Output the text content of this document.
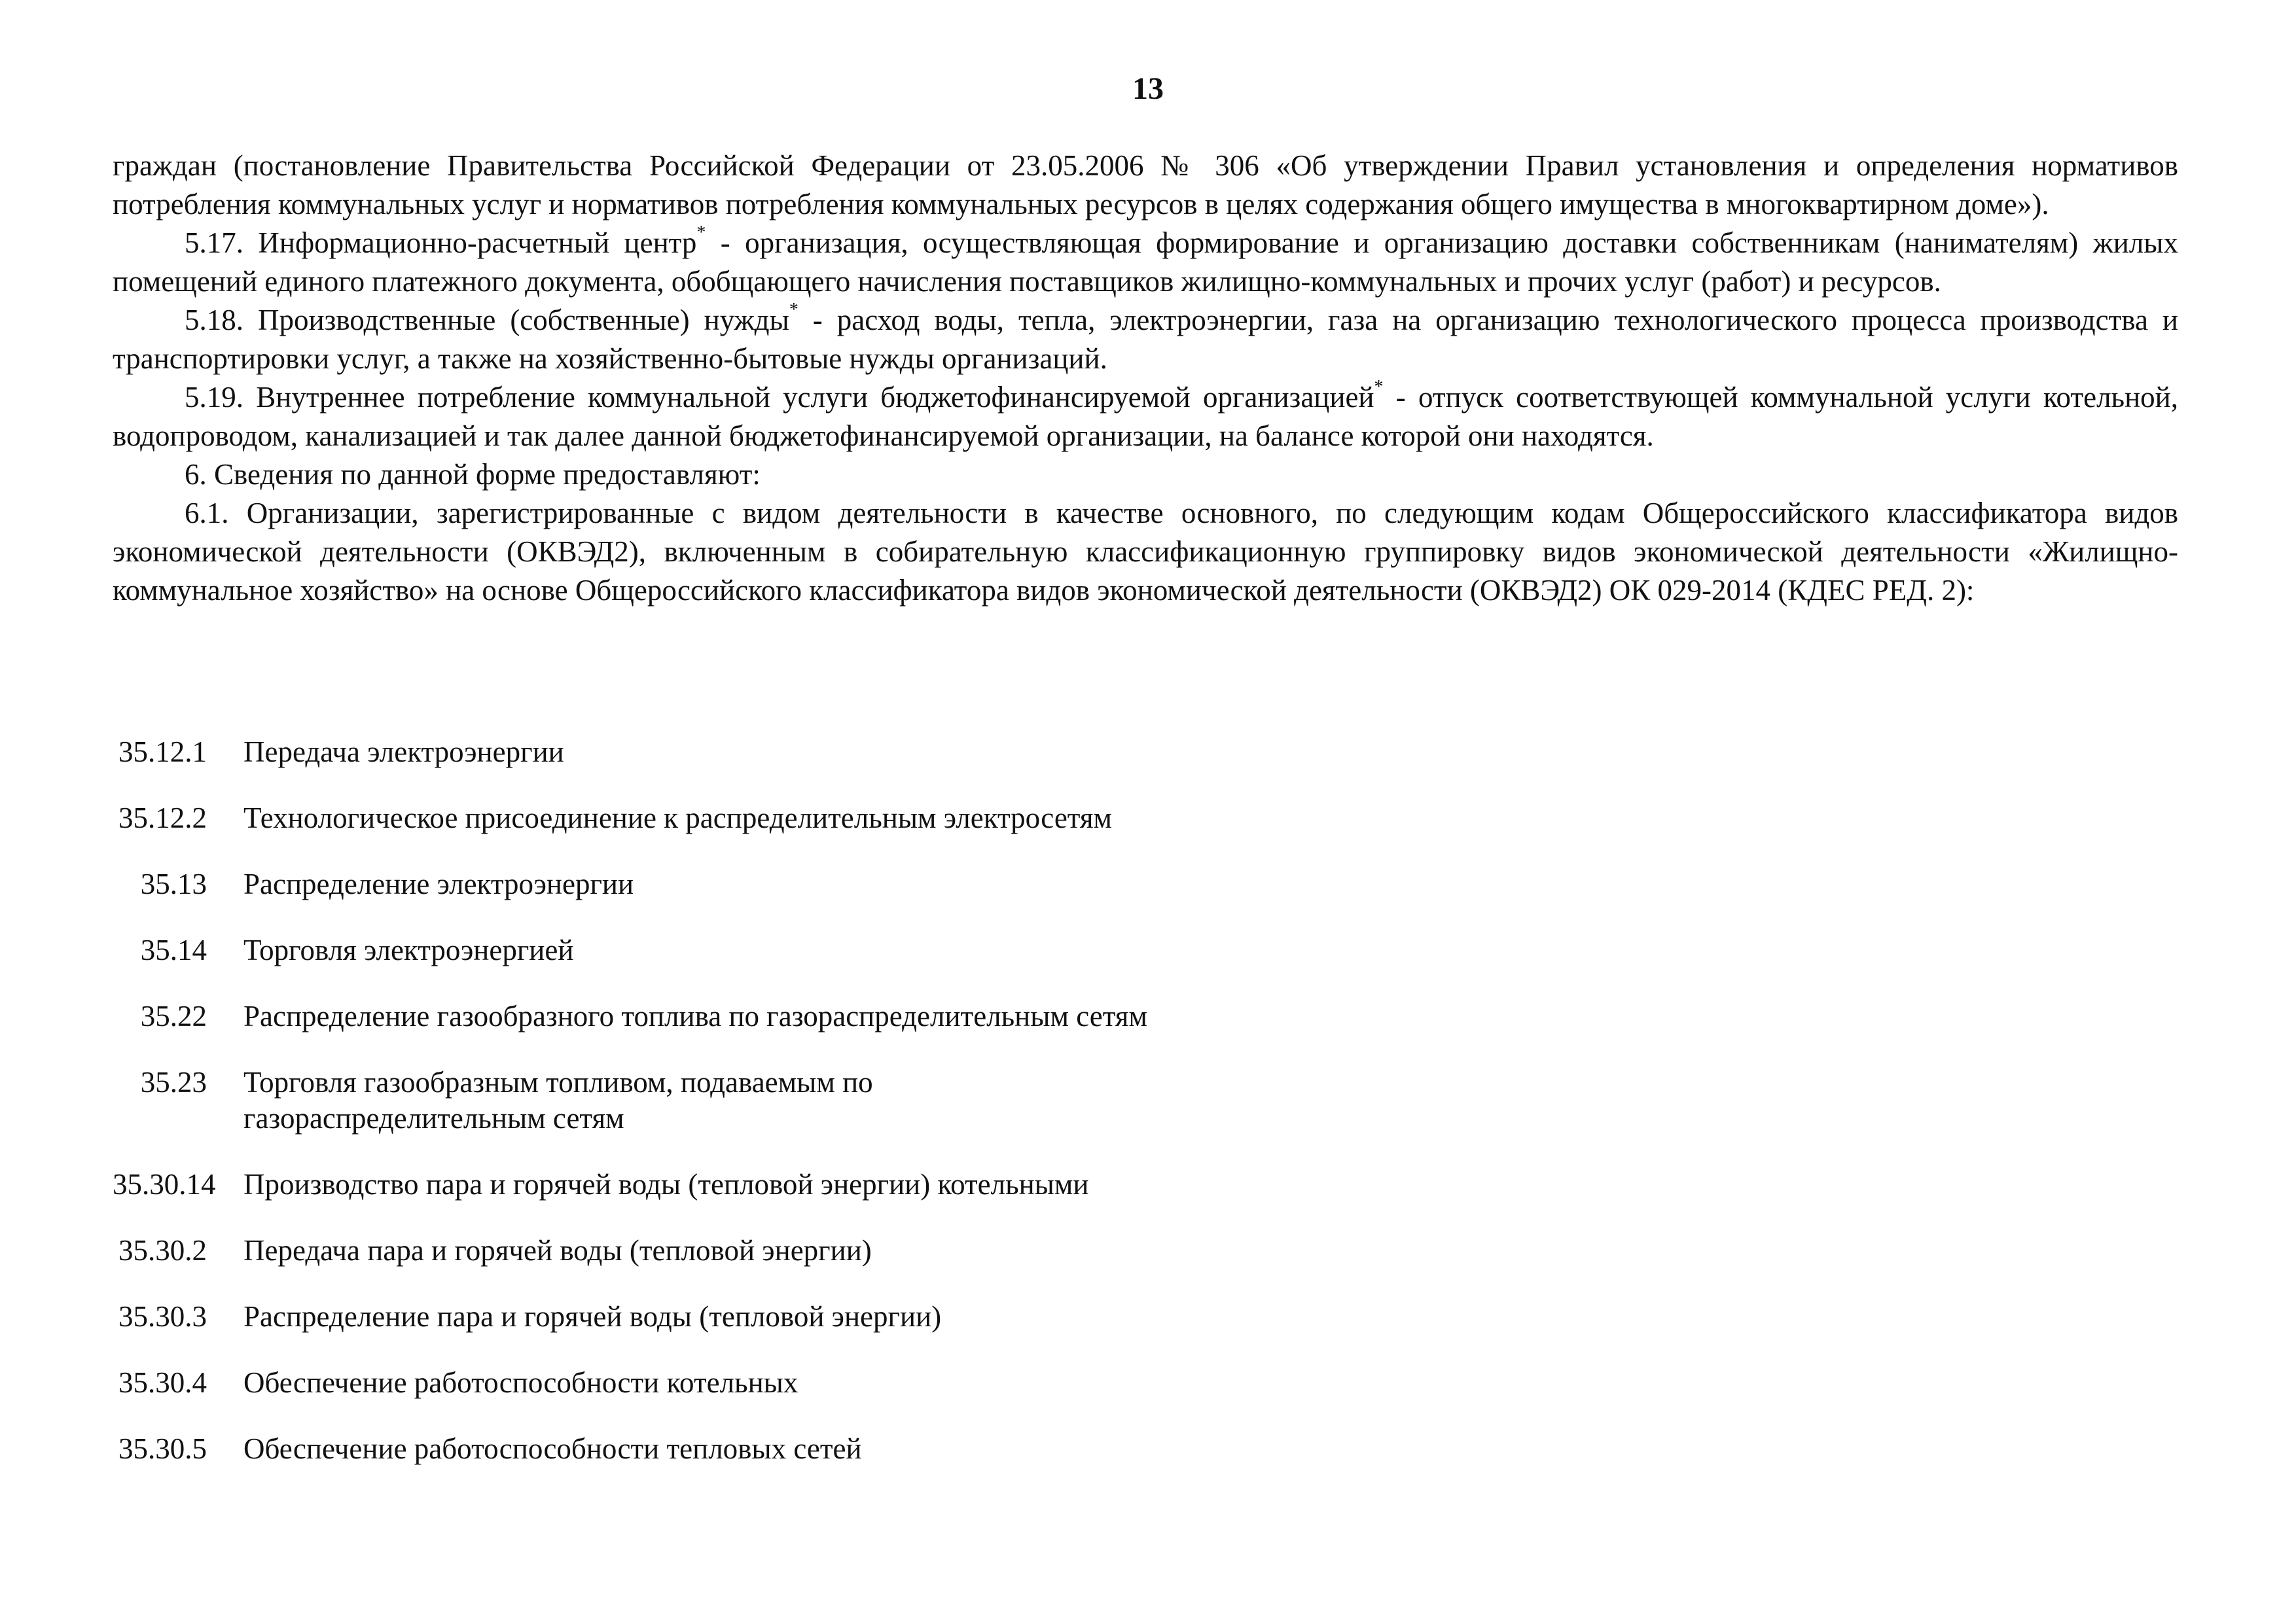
13

граждан (постановление Правительства Российской Федерации от 23.05.2006 № 306 «Об утверждении Правил установления и определения нормативов потребления коммунальных услуг и нормативов потребления коммунальных ресурсов в целях содержания общего имущества в многоквартирном доме»).

5.17. Информационно-расчетный центр* - организация, осуществляющая формирование и организацию доставки собственникам (нанимателям) жилых помещений единого платежного документа, обобщающего начисления поставщиков жилищно-коммунальных и прочих услуг (работ) и ресурсов.

5.18. Производственные (собственные) нужды* - расход воды, тепла, электроэнергии, газа на организацию технологического процесса производства и транспортировки услуг, а также на хозяйственно-бытовые нужды организаций.

5.19. Внутреннее потребление коммунальной услуги бюджетофинансируемой организацией* - отпуск соответствующей коммунальной услуги котельной, водопроводом, канализацией и так далее данной бюджетофинансируемой организации, на балансе которой они находятся.

6. Сведения по данной форме предоставляют:

6.1. Организации, зарегистрированные с видом деятельности в качестве основного, по следующим кодам Общероссийского классификатора видов экономической деятельности (ОКВЭД2), включенным в собирательную классификационную группировку видов экономической деятельности «Жилищно-коммунальное хозяйство» на основе Общероссийского классификатора видов экономической деятельности (ОКВЭД2) ОК 029-2014 (КДЕС РЕД. 2):

35.12.1	Передача электроэнергии
35.12.2	Технологическое присоединение к распределительным электросетям
35.13	Распределение электроэнергии
35.14	Торговля электроэнергией
35.22	Распределение газообразного топлива по газораспределительным сетям
35.23	Торговля газообразным топливом, подаваемым по
газораспределительным сетям
35.30.14 Производство пара и горячей воды (тепловой энергии) котельными
35.30.2	Передача пара и горячей воды (тепловой энергии)
35.30.3	Распределение пара и горячей воды (тепловой энергии)
35.30.4	Обеспечение работоспособности котельных
35.30.5	Обеспечение работоспособности тепловых сетей
